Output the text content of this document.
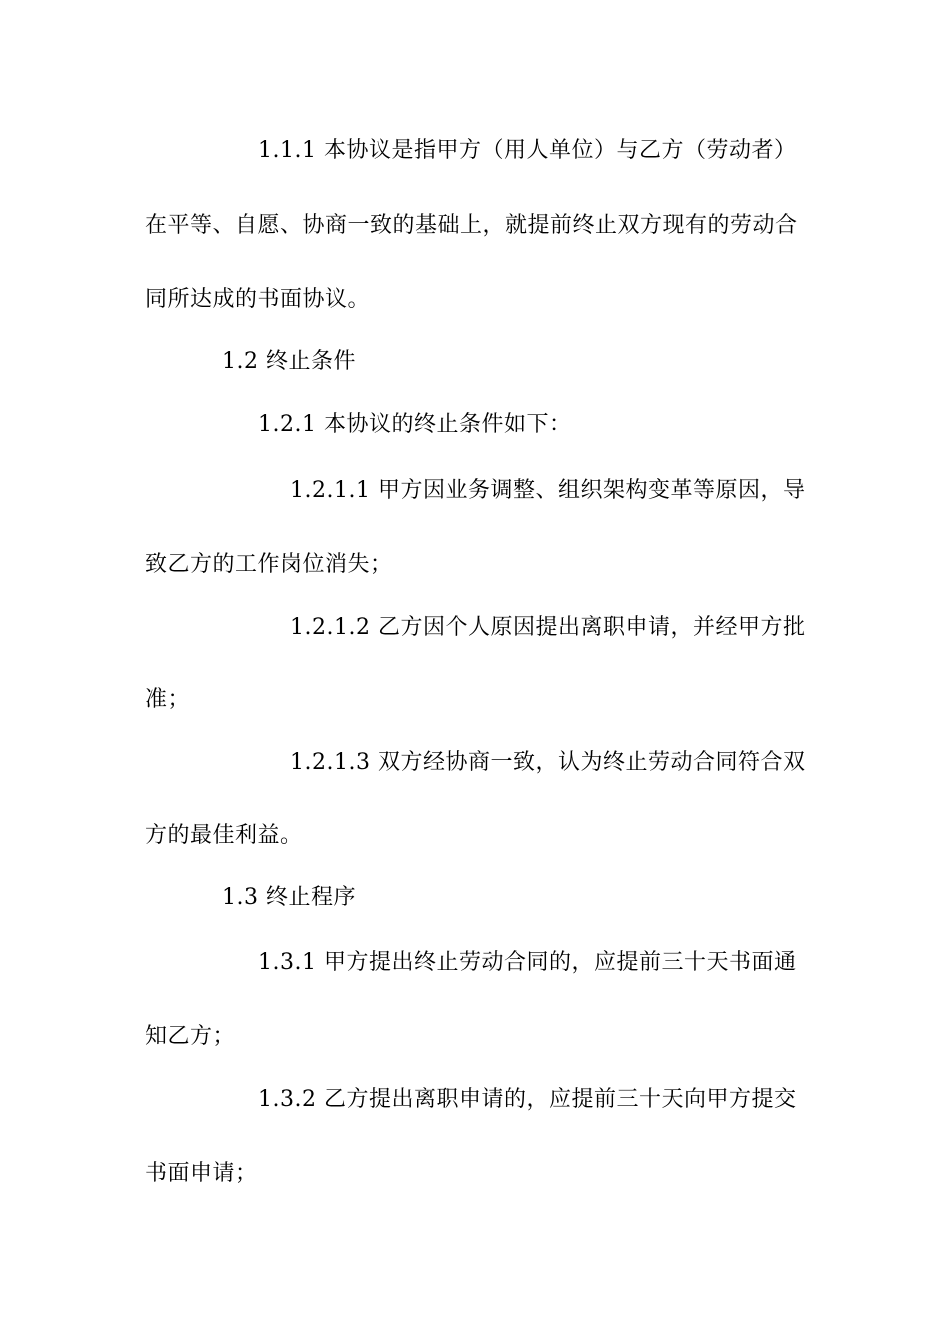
1.1.1 本协议是指甲方（用人单位）与乙方（劳动者）
在平等、自愿、协商一致的基础上，就提前终止双方现有的劳动合
同所达成的书面协议。
1.2 终止条件
1.2.1 本协议的终止条件如下：
1.2.1.1 甲方因业务调整、组织架构变革等原因，导
致乙方的工作岗位消失；
1.2.1.2 乙方因个人原因提出离职申请，并经甲方批
准；
1.2.1.3 双方经协商一致，认为终止劳动合同符合双
方的最佳利益。
1.3 终止程序
1.3.1 甲方提出终止劳动合同的，应提前三十天书面通
知乙方；
1.3.2 乙方提出离职申请的，应提前三十天向甲方提交
书面申请；
